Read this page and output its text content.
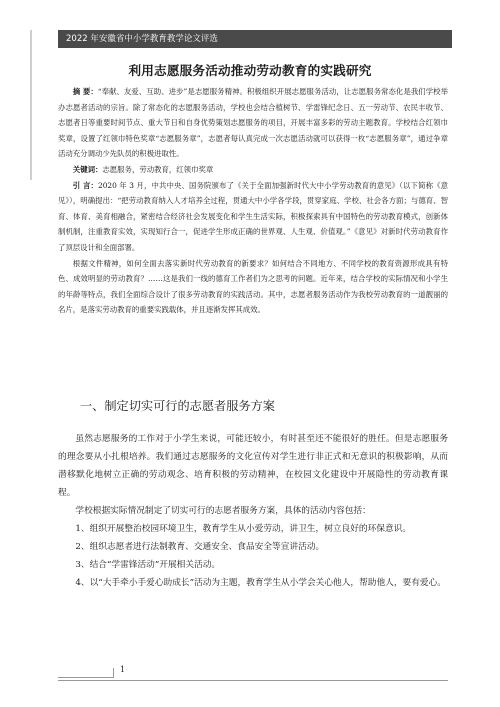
2022 年安徽省中小学教育教学论文评选
利用志愿服务活动推动劳动教育的实践研究

摘 要：“奉献、友爱、互助、进步”是志愿服务精神。积极组织开展志愿服务活动，让志愿服务常态化是我们学校举办志愿者活动的宗旨。除了常态化的志愿服务活动，学校也会结合植树节、学雷锋纪念日、五一劳动节、农民丰收节、志愿者日等重要时间节点、重大节日和自身优势策划志愿服务的项目，开展丰富多彩的劳动主题教育。学校结合红领巾奖章，设置了红领巾特色奖章“志愿服务章”，志愿者每认真完成一次志愿活动就可以获得一枚“志愿服务章”，通过争章活动充分调动少先队员的积极进取性。

关键词：志愿服务，劳动教育，红领巾奖章

引 言：2020 年 3 月，中共中央、国务院颁布了《关于全面加强新时代大中小学劳动教育的意见》（以下简称《意见》），明确提出：“把劳动教育纳入人才培养全过程，贯通大中小学各学段，贯穿家庭、学校、社会各方面；与德育、智育、体育、美育相融合，紧密结合经济社会发展变化和学生生活实际，积极探索具有中国特色的劳动教育模式，创新体制机制，注重教育实效，实现知行合一，促进学生形成正确的世界观、人生观、价值观。”《意见》对新时代劳动教育作了顶层设计和全面部署。

根据文件精神，如何全面去落实新时代劳动教育的新要求？如何结合不同地方、不同学校的教育资源形成具有特色、成效明显的劳动教育？……这是我们一线的德育工作者们为之思考的问题。近年来，结合学校的实际情况和小学生的年龄等特点，我们全面综合设计了很多劳动教育的实践活动。其中，志愿者服务活动作为我校劳动教育的一道靓丽的名片，是落实劳动教育的重要实践载体，并且逐渐发挥其成效。

一、制定切实可行的志愿者服务方案

虽然志愿服务的工作对于小学生来说，可能还较小，有时甚至还不能很好的胜任。但是志愿服务的理念要从小扎根培养。我们通过志愿服务的文化宣传对学生进行非正式和无意识的积极影响，从而潜移默化地树立正确的劳动观念、培育积极的劳动精神，在校园文化建设中开展隐性的劳动教育课程。

学校根据实际情况制定了切实可行的志愿者服务方案，具体的活动内容包括：

1、组织开展整治校园环境卫生，教育学生从小爱劳动，讲卫生，树立良好的环保意识。

2、组织志愿者进行法制教育、交通安全、食品安全等宣讲活动。

3、结合“学雷锋活动”开展相关活动。

4、以“大手牵小手爱心助成长”活动为主题，教育学生从小学会关心他人，帮助他人，要有爱心。

1
